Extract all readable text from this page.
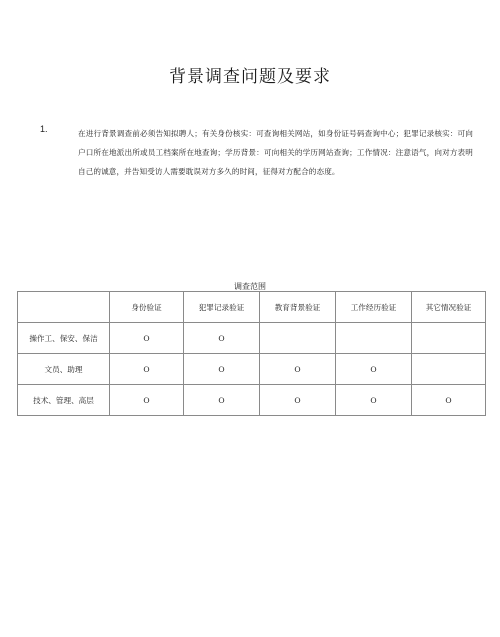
背景调查问题及要求
1.	在进行背景调查前必须告知拟聘人；有关身份核实：可查询相关网站，如身份证号码查询中心；犯罪记录核实：可向户口所在地派出所或员工档案所在地查询；学历背景：可向相关的学历网站查询；工作情况：注意语气，向对方表明自己的诚意，并告知受访人需要耽误对方多久的时间，征得对方配合的态度。
调查范围
	身份验证	犯罪记录验证	教育背景验证	工作经历验证	其它情况验证
操作工、保安、保洁	O	O			
文员、助理	O	O	O	O	
技术、管理、高层	O	O	O	O	O
